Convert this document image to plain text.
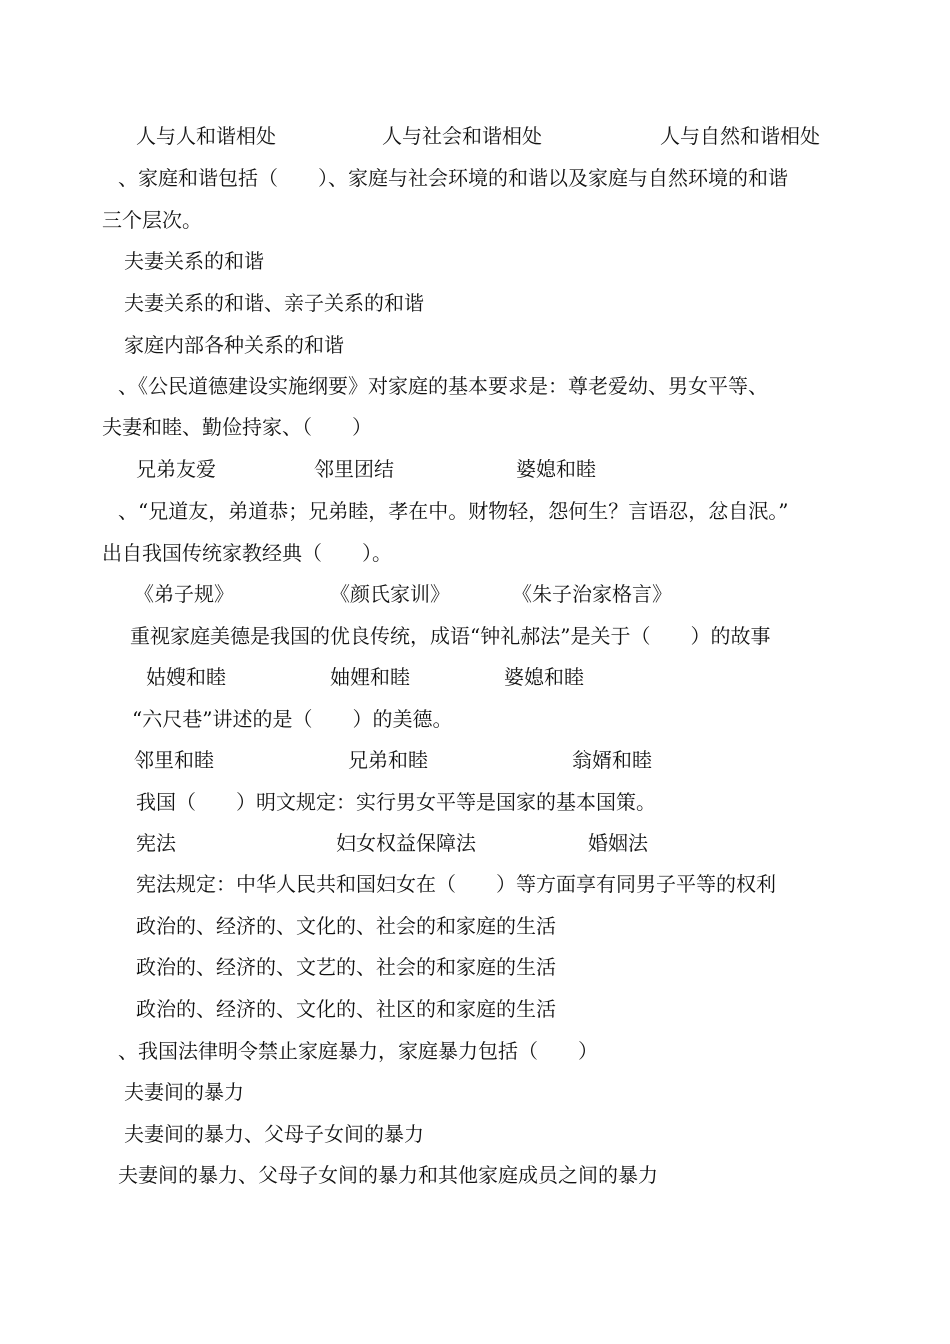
人与人和谐相处	人与社会和谐相处	人与自然和谐相处
、家庭和谐包括（　　）、家庭与社会环境的和谐以及家庭与自然环境的和谐
三个层次。
夫妻关系的和谐
夫妻关系的和谐、亲子关系的和谐
家庭内部各种关系的和谐
、《公民道德建设实施纲要》对家庭的基本要求是：尊老爱幼、男女平等、
夫妻和睦、勤俭持家、（　　）
兄弟友爱	邻里团结	婆媳和睦
、“兄道友，弟道恭；兄弟睦，孝在中。财物轻，怨何生？言语忍，忿自泯。”
出自我国传统家教经典（　　）。
《弟子规》	《颜氏家训》	《朱子治家格言》
重视家庭美德是我国的优良传统，成语“钟礼郝法”是关于（　　）的故事
姑嫂和睦	妯娌和睦	婆媳和睦
“六尺巷”讲述的是（　　）的美德。
邻里和睦	兄弟和睦	翁婿和睦
我国（　　）明文规定：实行男女平等是国家的基本国策。
宪法	妇女权益保障法	婚姻法
宪法规定：中华人民共和国妇女在（　　）等方面享有同男子平等的权利
政治的、经济的、文化的、社会的和家庭的生活
政治的、经济的、文艺的、社会的和家庭的生活
政治的、经济的、文化的、社区的和家庭的生活
、我国法律明令禁止家庭暴力，家庭暴力包括（　　）
夫妻间的暴力
夫妻间的暴力、父母子女间的暴力
夫妻间的暴力、父母子女间的暴力和其他家庭成员之间的暴力
